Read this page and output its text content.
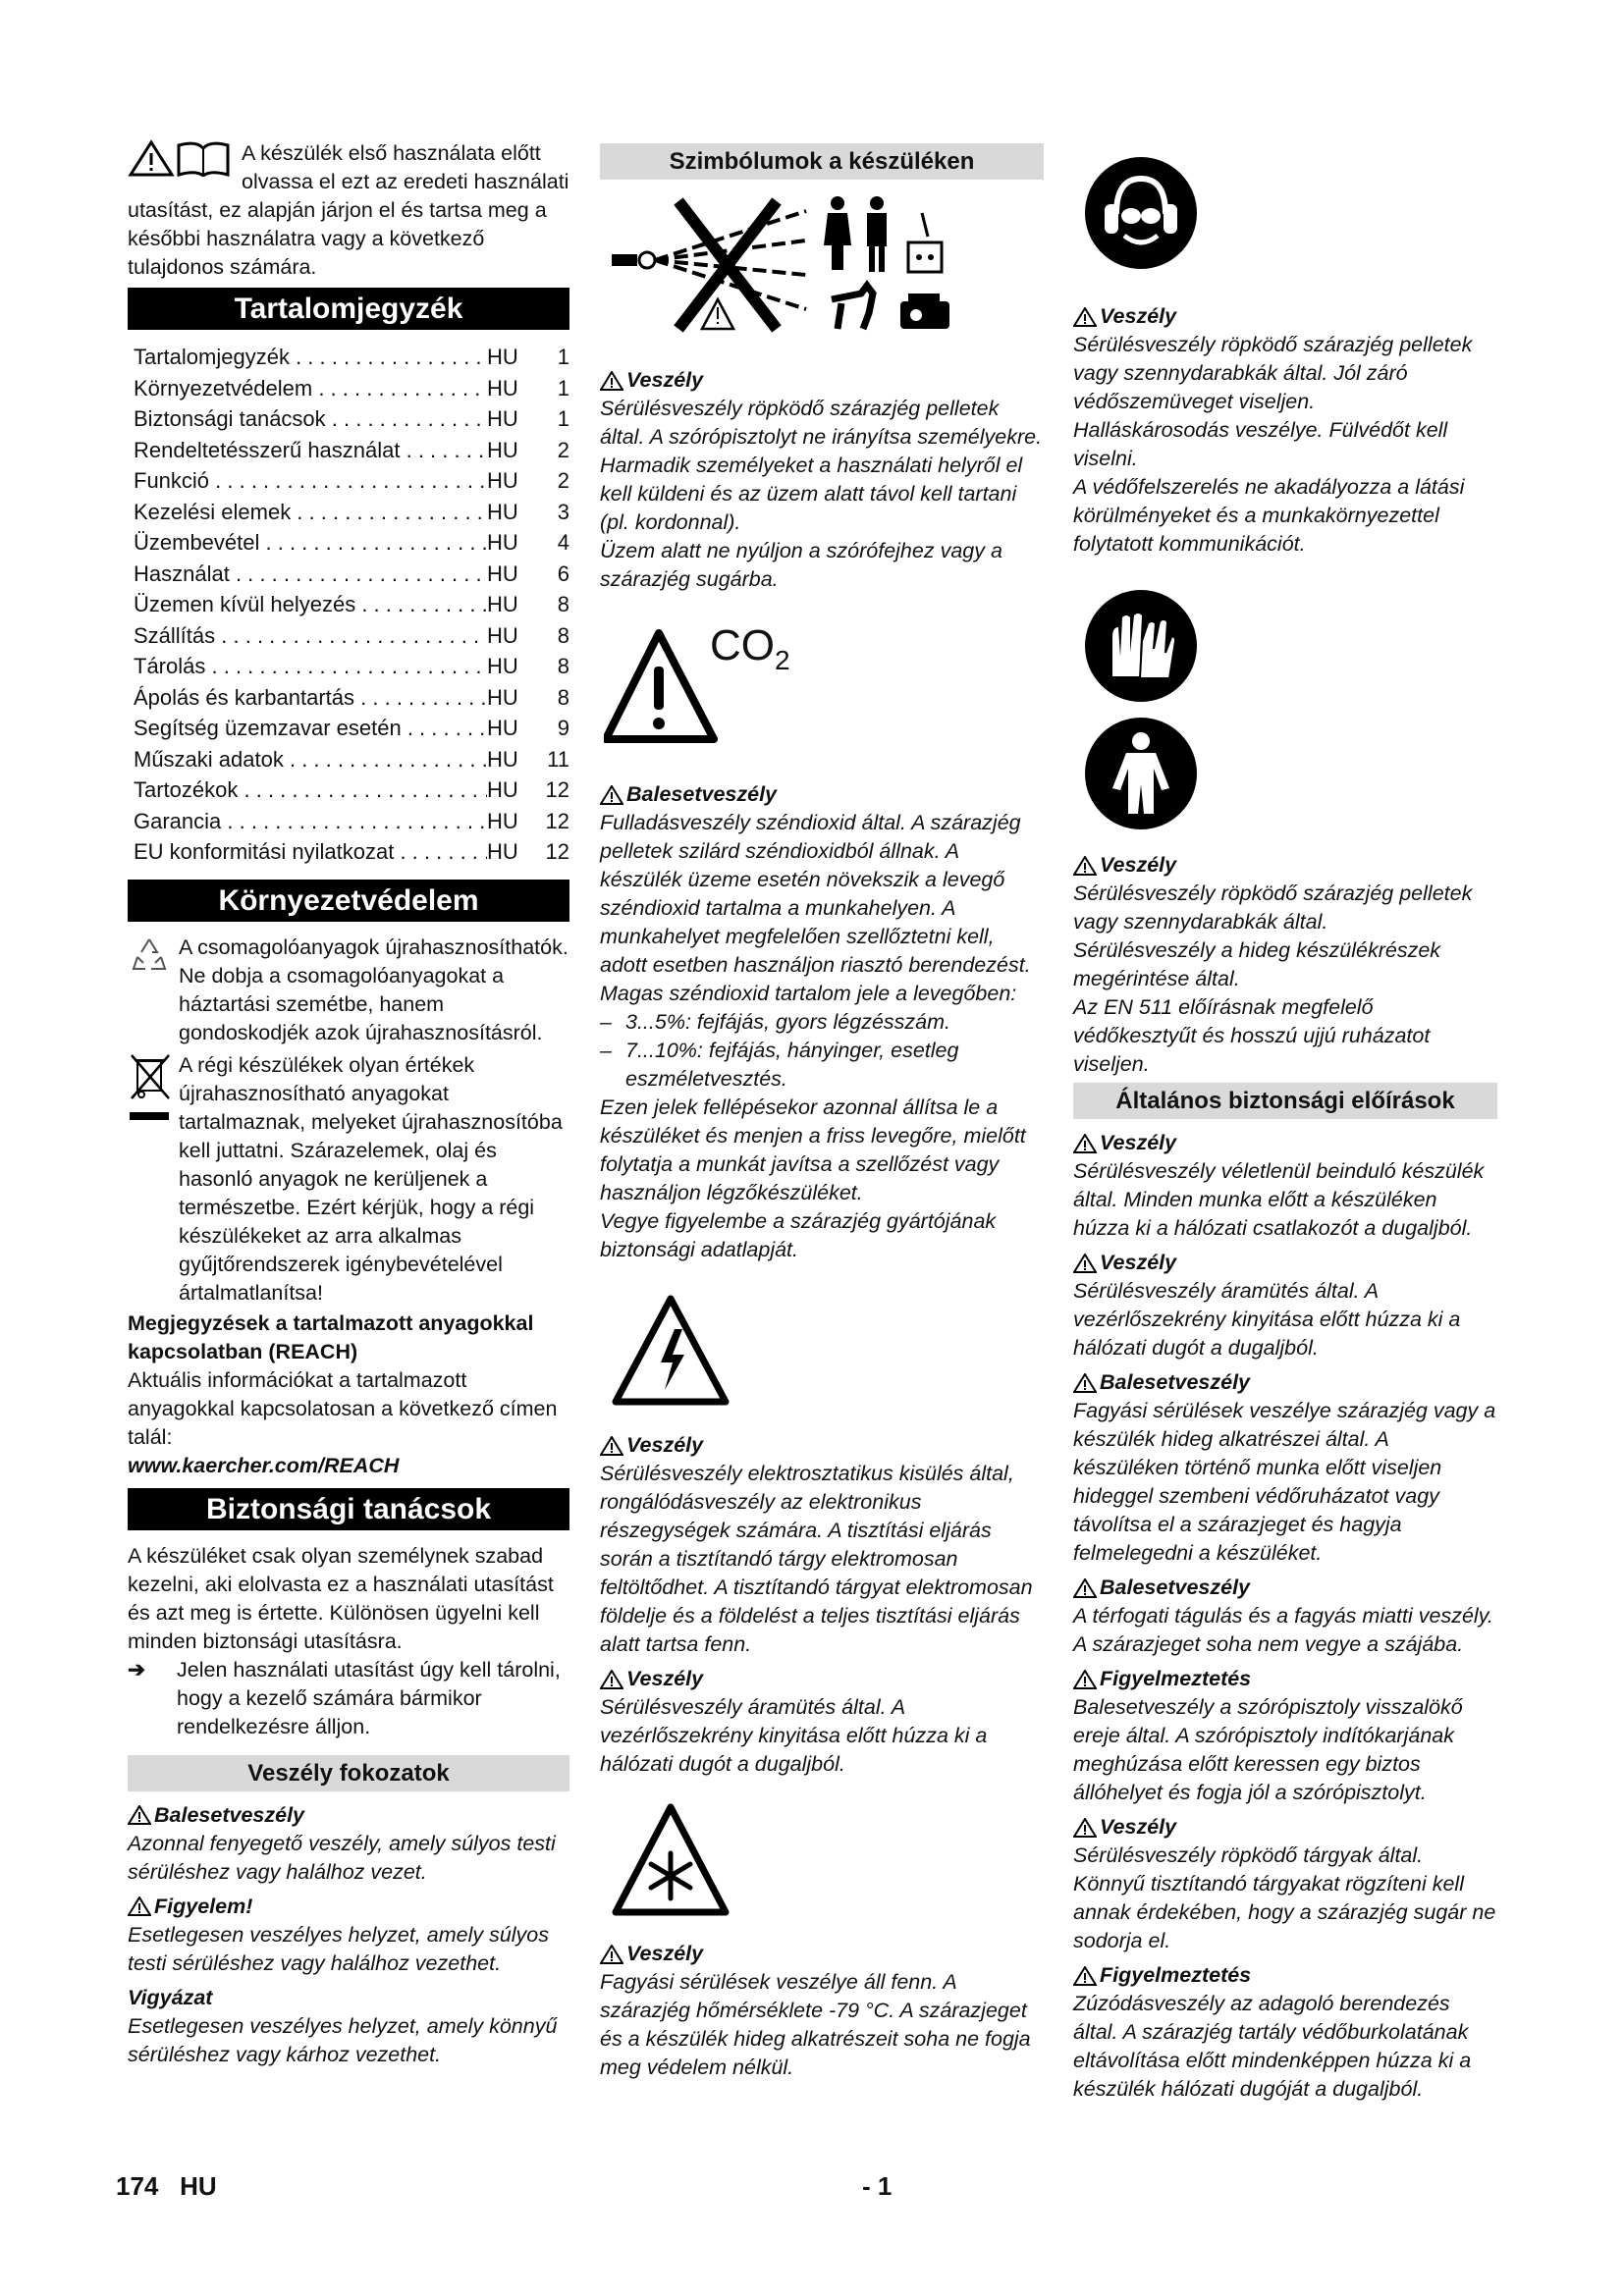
A készülék első használata előtt

olvassa el ezt az eredeti használati utasítást, ez alapján járjon el és tartsa meg a későbbi használatra vagy a következő tulajdonos számára.

Tartalomjegyzék
Tartalomjegyzék . . .	HU	1
Környezetvédelem . . .	HU	1
Biztonsági tanácsok . . .	HU	1
Rendeltetésszerű használat . . .	HU	2
Funkció . . .	HU	2
Kezelési elemek . . .	HU	3
Üzembevétel . . .	HU	4
Használat . . .	HU	6
Üzemen kívül helyezés . . .	HU	8
Szállítás . . .	HU	8
Tárolás . . .	HU	8
Ápolás és karbantartás . . .	HU	8
Segítség üzemzavar esetén . . .	HU	9
Műszaki adatok . . .	HU	11
Tartozékok . . .	HU	12
Garancia . . .	HU	12
EU konformitási nyilatkozat . . .	HU	12
Környezetvédelem

A csomagolóanyagok újrahasznosíthatók. Ne dobja a csomagolóanyagokat a háztartási szemétbe, hanem gondoskodjék azok újrahasznosításról.

A régi készülékek olyan értékek újrahasznosítható anyagokat tartalmaznak, melyeket újrahasznosítóba kell juttatni. Szárazelemek, olaj és hasonló anyagok ne kerüljenek a természetbe. Ezért kérjük, hogy a régi készülékeket az arra alkalmas gyűjtőrendszerek igénybevételével ártalmatlanítsa!

Megjegyzések a tartalmazott anyagokkal kapcsolatban (REACH)

Aktuális információkat a tartalmazott anyagokkal kapcsolatosan a következő címen talál:

www.kaercher.com/REACH

Biztonsági tanácsok

A készüléket csak olyan személynek szabad kezelni, aki elolvasta ez a használati utasítást és azt meg is értette. Különösen ügyelni kell minden biztonsági utasításra.

➔	Jelen használati utasítást úgy kell tárolni, hogy a kezelő számára bármikor rendelkezésre álljon.

Veszély fokozatok
Balesetveszély

Azonnal fenyegető veszély, amely súlyos testi sérüléshez vagy halálhoz vezet.

Figyelem!

Esetlegesen veszélyes helyzet, amely súlyos testi sérüléshez vagy halálhoz vezethet.

Vigyázat

Esetlegesen veszélyes helyzet, amely könnyű sérüléshez vagy kárhoz vezethet.

Szimbólumok a készüléken
Veszély

Sérülésveszély röpködő szárazjég pelletek által. A szórópisztolyt ne irányítsa személyekre. Harmadik személyeket a használati helyről el kell küldeni és az üzem alatt távol kell tartani (pl. kordonnal).

Üzem alatt ne nyúljon a szórófejhez vagy a szárazjég sugárba.

$CO_2$
Balesetveszély

Fulladásveszély széndioxid által. A szárazjég pelletek szilárd széndioxidból állnak. A készülék üzeme esetén növekszik a levegő széndioxid tartalma a munkahelyen. A munkahelyet megfelelően szellőztetni kell, adott esetben használjon riasztó berendezést. Magas széndioxid tartalom jele a levegőben:

– 3...5%: fejfájás, gyors légzésszám.
– 7...10%: fejfájás, hányinger, esetleg eszméletvesztés.

Ezen jelek fellépésekor azonnal állítsa le a készüléket és menjen a friss levegőre, mielőtt folytatja a munkát javítsa a szellőzést vagy használjon légzőkészüléket.

Vegye figyelembe a szárazjég gyártójának biztonsági adatlapját.

Veszély

Sérülésveszély elektrosztatikus kisülés által, rongálódásveszély az elektronikus részegységek számára. A tisztítási eljárás során a tisztítandó tárgy elektromosan feltöltődhet. A tisztítandó tárgyat elektromosan földelje és a földelést a teljes tisztítási eljárás alatt tartsa fenn.

Veszély

Sérülésveszély áramütés által. A vezérlőszekrény kinyitása előtt húzza ki a hálózati dugót a dugaljból.

Veszély

Fagyási sérülések veszélye áll fenn. A szárazjég hőmérséklete -79 °C. A szárazjeget és a készülék hideg alkatrészeit soha ne fogja meg védelem nélkül.

Veszély

Sérülésveszély röpködő szárazjég pelletek vagy szennydarabkák által. Jól záró védőszemüveget viseljen.

Halláskárosodás veszélye. Fülvédőt kell viselni.

A védőfelszerelés ne akadályozza a látási körülményeket és a munkakörnyezettel folytatott kommunikációt.

Veszély

Sérülésveszély röpködő szárazjég pelletek vagy szennydarabkák által.

Sérülésveszély a hideg készülékrészek megérintése által.

Az EN 511 előírásnak megfelelő védőkesztyűt és hosszú ujjú ruházatot viseljen.

Általános biztonsági előírások
Veszély

Sérülésveszély véletlenül beinduló készülék által. Minden munka előtt a készüléken húzza ki a hálózati csatlakozót a dugaljból.

Veszély

Sérülésveszély áramütés által. A vezérlőszekrény kinyitása előtt húzza ki a hálózati dugót a dugaljból.

Balesetveszély

Fagyási sérülések veszélye szárazjég vagy a készülék hideg alkatrészei által. A készüléken történő munka előtt viseljen hideggel szembeni védőruházatot vagy távolítsa el a szárazjeget és hagyja felmelegedni a készüléket.

Balesetveszély

A térfogati tágulás és a fagyás miatti veszély.

A szárazjeget soha nem vegye a szájába.

Figyelmeztetés

Balesetveszély a szórópisztoly visszalökő ereje által. A szórópisztoly indítókarjának meghúzása előtt keressen egy biztos állóhelyet és fogja jól a szórópisztolyt.

Veszély

Sérülésveszély röpködő tárgyak által. Könnyű tisztítandó tárgyakat rögzíteni kell annak érdekében, hogy a szárazjég sugár ne sodorja el.

Figyelmeztetés

Zúzódásveszély az adagoló berendezés által. A szárazjég tartály védőburkolatának eltávolítása előtt mindenképpen húzza ki a készülék hálózati dugóját a dugaljból.

174 HU	- 1
